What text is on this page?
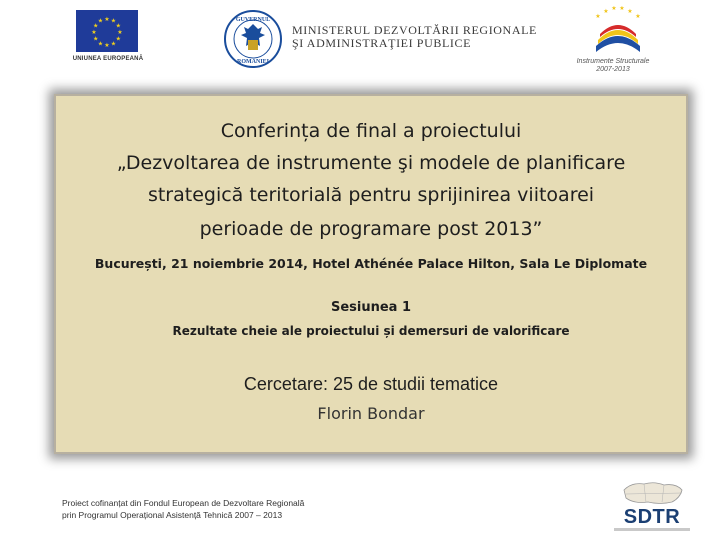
★ ★
★
★
★
★
★
★
★
★
★
★
UNIUNEA EUROPEANĂ
GUVERNUL
ROMÂNIEI
MINISTERUL DEZVOLTĂRII REGIONALE
ŞI ADMINISTRAŢIEI PUBLICE
★
★ ★ ★ ★
★
Instrumente Structurale
2007-2013
Conferința de final a proiectului
„Dezvoltarea de instrumente şi modele de planificare
strategică teritorială pentru sprijinirea viitoarei
perioade de programare post 2013”
București, 21 noiembrie 2014, Hotel Athénée Palace Hilton, Sala Le Diplomate
Sesiunea 1
Rezultate cheie ale proiectului și demersuri de valorificare
Cercetare: 25 de studii tematice
Florin Bondar
Proiect cofinanțat din Fondul European de Dezvoltare Regională
prin Programul Operațional Asistență Tehnică 2007 – 2013	SDTR
